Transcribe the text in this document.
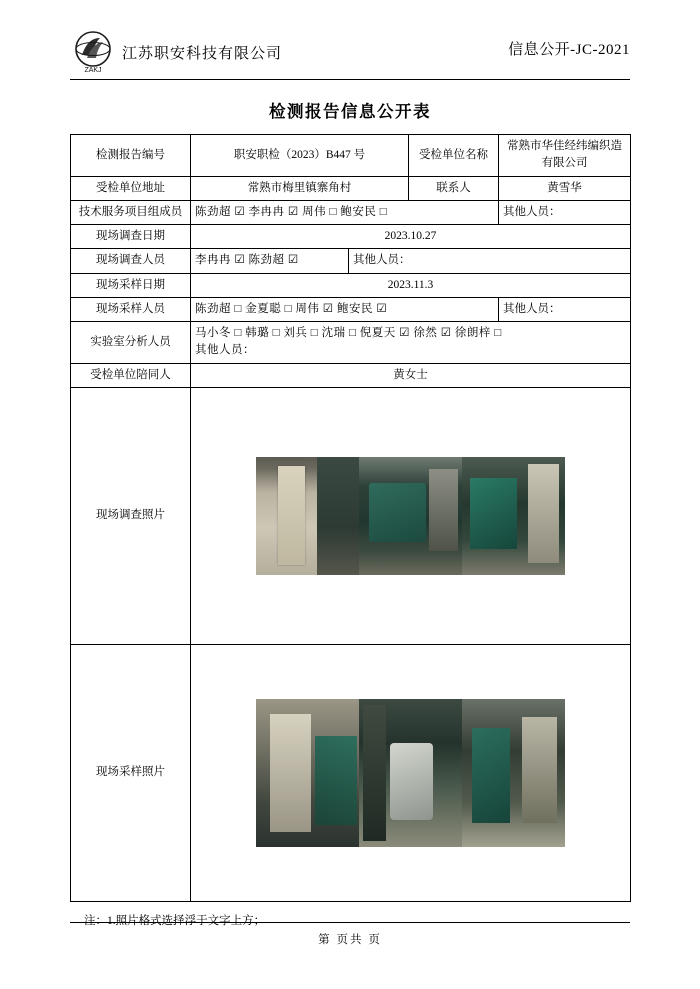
ZAKJ
江苏职安科技有限公司	信息公开-JC-2021
检测报告信息公开表
检测报告编号	职安职检（2023）B447 号		受检单位名称	常熟市华佳经纬编织造有限公司
受检单位地址	常熟市梅里镇寨角村		联系人	黄雪华
技术服务项目组成员	陈劲超 ☑ 李冉冉 ☑ 周伟 □ 鲍安民 □			其他人员：
现场调查日期	2023.10.27			
现场调查人员	李冉冉 ☑ 陈劲超 ☑	其他人员：		
现场采样日期	2023.11.3			
现场采样人员	陈劲超 □ 金夏聪 □ 周伟 ☑ 鲍安民 ☑			其他人员：
实验室分析人员	马小冬 □ 韩璐 □ 刘兵 □ 沈瑞 □ 倪夏天 ☑ 徐然 ☑ 徐朗梓 □
其他人员：			

受检单位陪同人	黄女士			
现场调查照片				

现场采样照片				
注：1.照片格式选择浮于文字上方；
第 页共 页
